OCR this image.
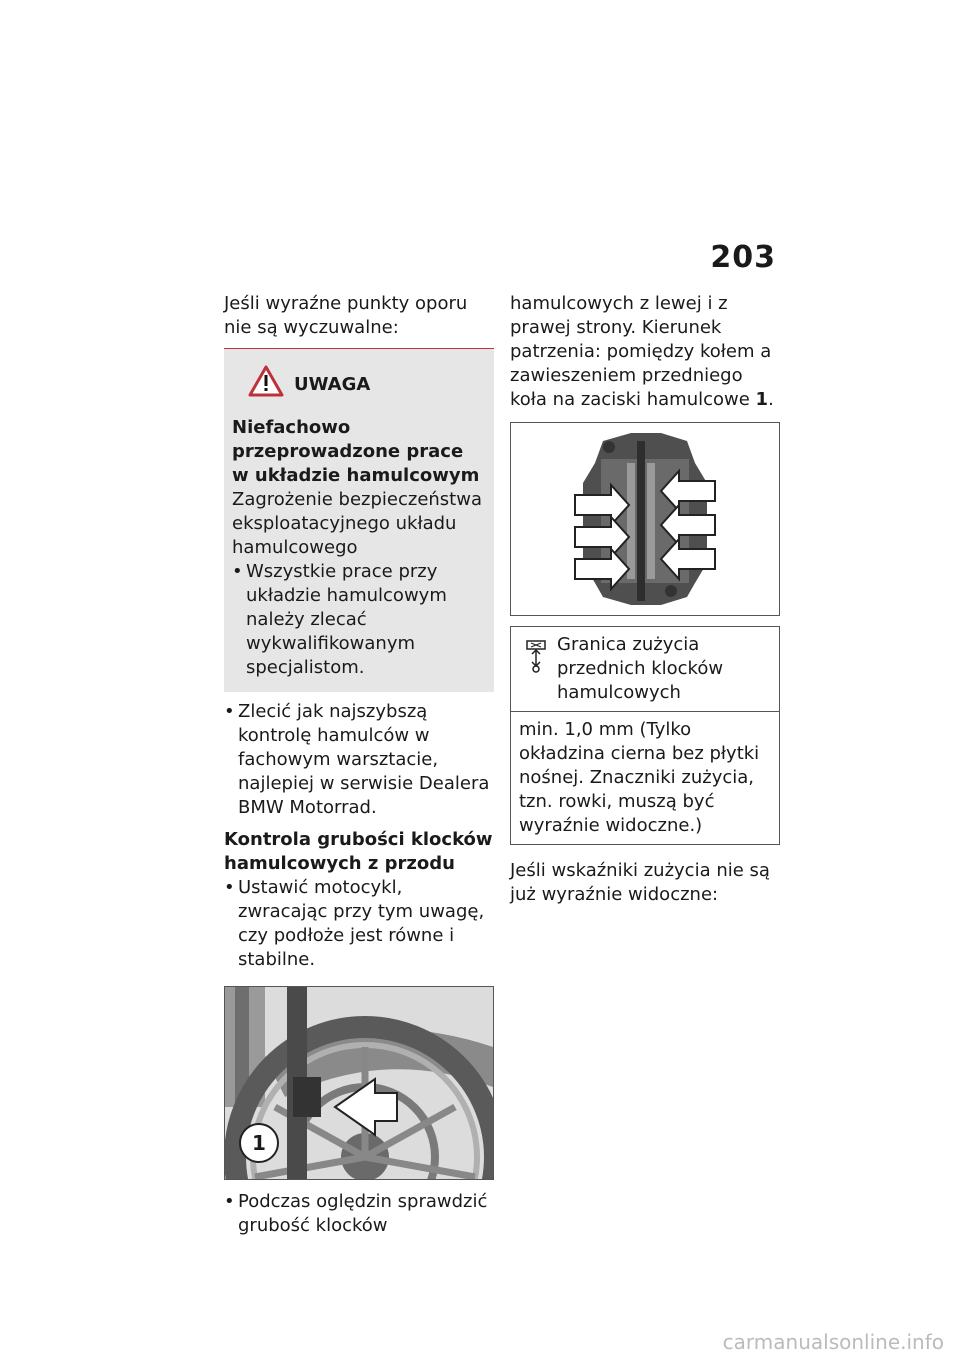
203

Jeśli wyraźne punkty oporu nie są wyczuwalne:

UWAGA

Niefachowo przeprowadzone prace w układzie hamulcowym

Zagrożenie bezpieczeństwa eksploatacyjnego układu hamulcowego

• Wszystkie prace przy układzie hamulcowym należy zlecać wykwalifikowanym specjalistom.

• Zlecić jak najszybszą kontrolę hamulców w fachowym warsztacie, najlepiej w serwisie Dealera BMW Motorrad.

Kontrola grubości klocków hamulcowych z przodu

• Ustawić motocykl, zwracając przy tym uwagę, czy podłoże jest równe i stabilne.

1

• Podczas oględzin sprawdzić grubość klocków

hamulcowych z lewej i z prawej strony. Kierunek patrzenia: pomiędzy kołem a zawieszeniem przedniego koła na zaciski hamulcowe 1.

Granica zużycia przednich klocków hamulcowych

min. 1,0 mm (Tylko okładzina cierna bez płytki nośnej. Znaczniki zużycia, tzn. rowki, muszą być wyraźnie widoczne.)

Jeśli wskaźniki zużycia nie są już wyraźnie widoczne:

carmanualsonline.info
